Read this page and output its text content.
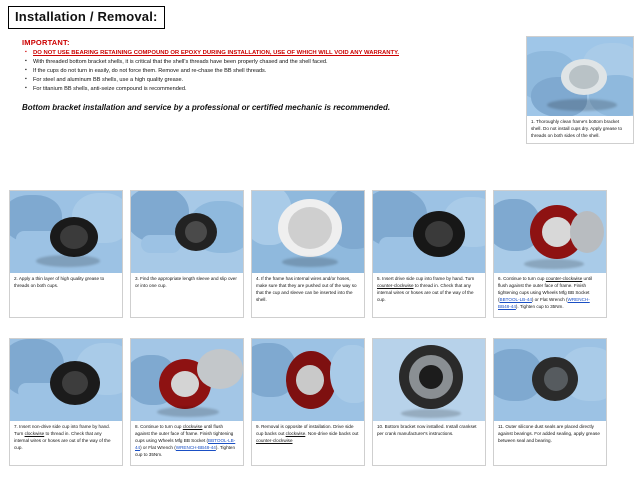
Installation / Removal:
IMPORTANT:
▪ DO NOT USE BEARING RETAINING COMPOUND OR EPOXY DURING INSTALLATION, USE OF WHICH WILL VOID ANY WARRANTY.
▪ With threaded bottom bracket shells, it is critical that the shell's threads have been properly chased and the shell faced.
▪ If the cups do not turn in easily, do not force them. Remove and re-chase the BB shell threads.
▪ For steel and aluminum BB shells, use a high quality grease.
▪ For titanium BB shells, anti-seize compound is recommended.
Bottom bracket installation and service by a professional or certified mechanic is recommended.
1. Thoroughly clean frame's bottom bracket shell. Do not install cups dry. Apply grease to threads on both sides of the shell.
2. Apply a thin layer of high quality grease to threads on both cups.
3. Find the appropriate length sleeve and slip over or into one cup.
4. If the frame has internal wires and/or hoses, make sure that they are pushed out of the way so that the cup and sleeve can be inserted into the shell.
5. Insert drive side cup into frame by hand. Turn counter-clockwise to thread in. Check that any internal wires or hoses are out of the way of the cup.
6. Continue to turn cup counter-clockwise until flush against the outer face of frame. Finish tightening cups using Wheels Mfg BB Socket (BBTOOL-LB-44) or Flat Wrench (WRENCH-BB48-44). Tighten cup to 35Nm.
7. Insert non-drive side cup into frame by hand. Turn clockwise to thread in. Check that any internal wires or hoses are out of the way of the cup.
8. Continue to turn cup clockwise until flush against the outer face of frame. Finish tightening cups using Wheels Mfg BB Socket (BBTOOL-LB-44) or Flat Wrench (WRENCH-BB48-44). Tighten cup to 35Nm.
9. Removal is opposite of installation. Drive side cup backs out clockwise. Non-drive side backs out counter-clockwise
10. Bottom bracket now installed. Install crankset per crank manufacturer's instructions.
11. Outer silicone dust seals are placed directly against bearings. For added sealing, apply grease between seal and bearing.
